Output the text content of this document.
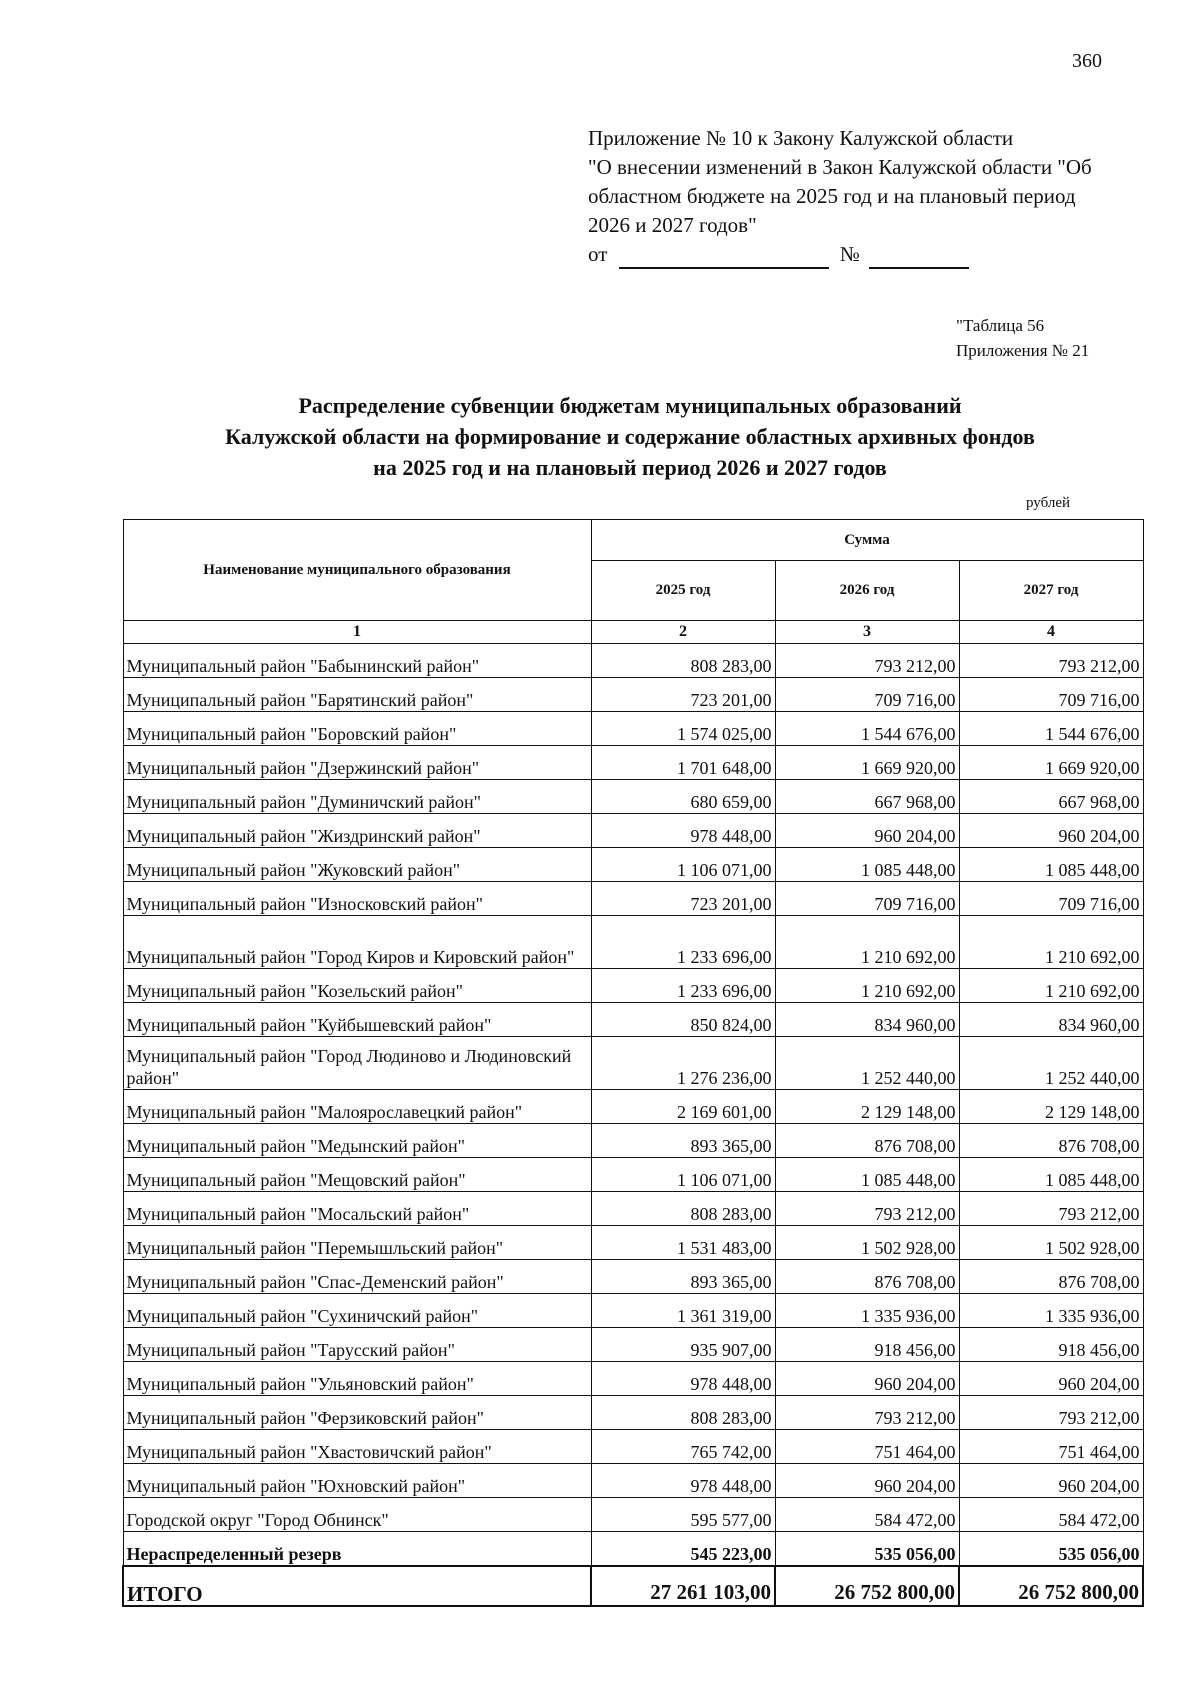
360
Приложение № 10 к Закону Калужской области
"О внесении изменений в Закон Калужской области "Об
областном бюджете на 2025 год и на плановый период
2026 и 2027 годов"
от	№
"Таблица 56
Приложения № 21
Распределение субвенции бюджетам муниципальных образований
Калужской области на формирование и содержание областных архивных фондов
на 2025 год и на плановый период 2026 и 2027 годов
рублей
Наименование муниципального образования	Сумма		
	2025 год	2026 год	2027 год
1	2	3	4
Муниципальный район "Бабынинский район"	808 283,00	793 212,00	793 212,00
Муниципальный район "Барятинский район"	723 201,00	709 716,00	709 716,00
Муниципальный район "Боровский район"	1 574 025,00	1 544 676,00	1 544 676,00
Муниципальный район "Дзержинский район"	1 701 648,00	1 669 920,00	1 669 920,00
Муниципальный район "Думиничский район"	680 659,00	667 968,00	667 968,00
Муниципальный район "Жиздринский район"	978 448,00	960 204,00	960 204,00
Муниципальный район "Жуковский район"	1 106 071,00	1 085 448,00	1 085 448,00
Муниципальный район "Износковский район"	723 201,00	709 716,00	709 716,00
Муниципальный район "Город Киров и Кировский район"	1 233 696,00	1 210 692,00	1 210 692,00
Муниципальный район "Козельский район"	1 233 696,00	1 210 692,00	1 210 692,00
Муниципальный район "Куйбышевский район"	850 824,00	834 960,00	834 960,00
Муниципальный район "Город Людиново и Людиновский район"	1 276 236,00	1 252 440,00	1 252 440,00
Муниципальный район "Малоярославецкий район"	2 169 601,00	2 129 148,00	2 129 148,00
Муниципальный район "Медынский район"	893 365,00	876 708,00	876 708,00
Муниципальный район "Мещовский район"	1 106 071,00	1 085 448,00	1 085 448,00
Муниципальный район "Мосальский район"	808 283,00	793 212,00	793 212,00
Муниципальный район "Перемышльский район"	1 531 483,00	1 502 928,00	1 502 928,00
Муниципальный район "Спас-Деменский район"	893 365,00	876 708,00	876 708,00
Муниципальный район "Сухиничский район"	1 361 319,00	1 335 936,00	1 335 936,00
Муниципальный район "Тарусский район"	935 907,00	918 456,00	918 456,00
Муниципальный район "Ульяновский район"	978 448,00	960 204,00	960 204,00
Муниципальный район "Ферзиковский район"	808 283,00	793 212,00	793 212,00
Муниципальный район "Хвастовичский район"	765 742,00	751 464,00	751 464,00
Муниципальный район "Юхновский район"	978 448,00	960 204,00	960 204,00
Городской округ "Город Обнинск"	595 577,00	584 472,00	584 472,00
Нераспределенный резерв	545 223,00	535 056,00	535 056,00
ИТОГО	27 261 103,00	26 752 800,00	26 752 800,00
